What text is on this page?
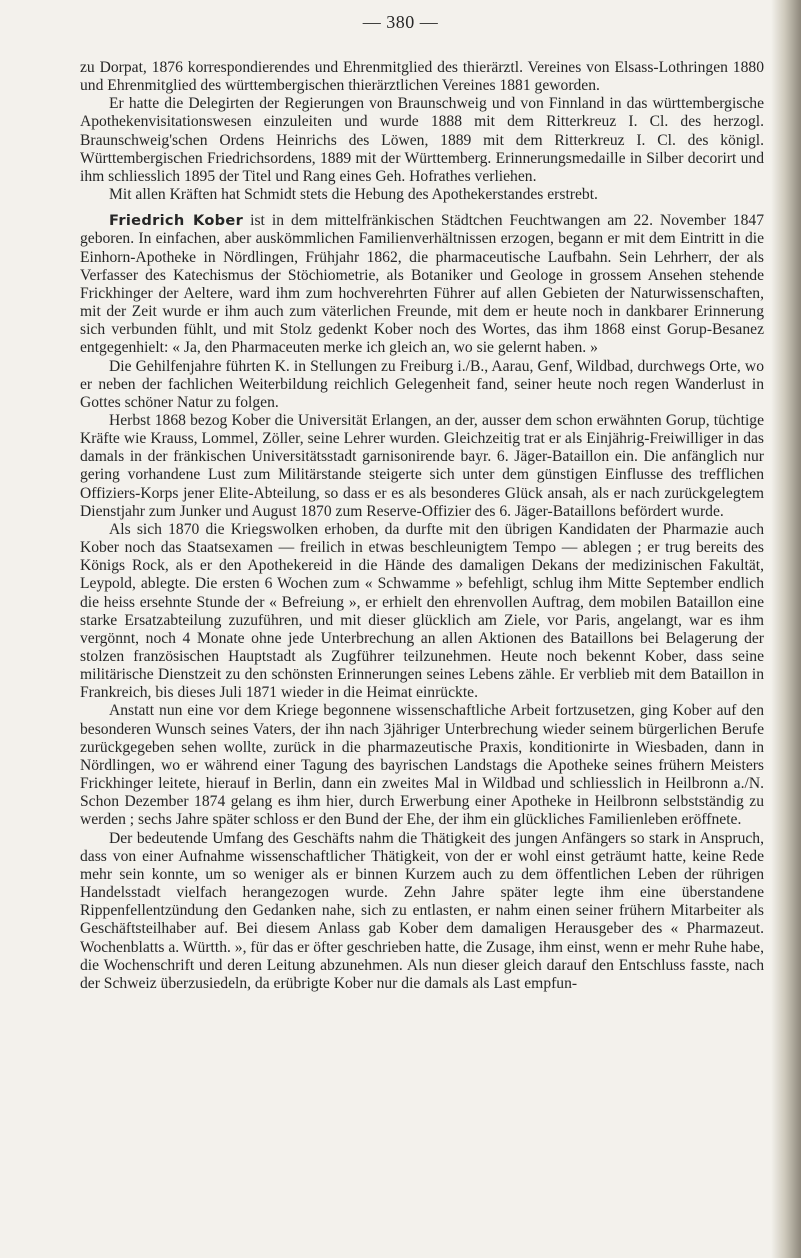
— 380 —

zu Dorpat, 1876 korrespondierendes und Ehrenmitglied des thierärztl. Vereines von Elsass-Lothringen 1880 und Ehrenmitglied des württembergischen thierärztlichen Vereines 1881 geworden.

Er hatte die Delegirten der Regierungen von Braunschweig und von Finnland in das württembergische Apothekenvisitationswesen einzuleiten und wurde 1888 mit dem Ritterkreuz I. Cl. des herzogl. Braunschweig'schen Ordens Heinrichs des Löwen, 1889 mit dem Ritterkreuz I. Cl. des königl. Württembergischen Friedrichsordens, 1889 mit der Württemberg. Erinnerungsmedaille in Silber decorirt und ihm schliesslich 1895 der Titel und Rang eines Geh. Hofrathes verliehen.

Mit allen Kräften hat Schmidt stets die Hebung des Apothekerstandes erstrebt.

Friedrich Kober ist in dem mittelfränkischen Städtchen Feuchtwangen am 22. November 1847 geboren. In einfachen, aber auskömmlichen Familienverhältnissen erzogen, begann er mit dem Eintritt in die Einhorn-Apotheke in Nördlingen, Frühjahr 1862, die pharmaceutische Laufbahn. Sein Lehrherr, der als Verfasser des Katechismus der Stöchiometrie, als Botaniker und Geologe in grossem Ansehen stehende Frickhinger der Aeltere, ward ihm zum hochverehrten Führer auf allen Gebieten der Naturwissenschaften, mit der Zeit wurde er ihm auch zum väterlichen Freunde, mit dem er heute noch in dankbarer Erinnerung sich verbunden fühlt, und mit Stolz gedenkt Kober noch des Wortes, das ihm 1868 einst Gorup-Besanez entgegenhielt: « Ja, den Pharmaceuten merke ich gleich an, wo sie gelernt haben. »

Die Gehilfenjahre führten K. in Stellungen zu Freiburg i./B., Aarau, Genf, Wildbad, durchwegs Orte, wo er neben der fachlichen Weiterbildung reichlich Gelegenheit fand, seiner heute noch regen Wanderlust in Gottes schöner Natur zu folgen.

Herbst 1868 bezog Kober die Universität Erlangen, an der, ausser dem schon erwähnten Gorup, tüchtige Kräfte wie Krauss, Lommel, Zöller, seine Lehrer wurden. Gleichzeitig trat er als Einjährig-Freiwilliger in das damals in der fränkischen Universitätsstadt garnisonirende bayr. 6. Jäger-Bataillon ein. Die anfänglich nur gering vorhandene Lust zum Militärstande steigerte sich unter dem günstigen Einflusse des trefflichen Offiziers-Korps jener Elite-Abteilung, so dass er es als besonderes Glück ansah, als er nach zurückgelegtem Dienstjahr zum Junker und August 1870 zum Reserve-Offizier des 6. Jäger-Bataillons befördert wurde.

Als sich 1870 die Kriegswolken erhoben, da durfte mit den übrigen Kandidaten der Pharmazie auch Kober noch das Staatsexamen — freilich in etwas beschleunigtem Tempo — ablegen ; er trug bereits des Königs Rock, als er den Apothekereid in die Hände des damaligen Dekans der medizinischen Fakultät, Leypold, ablegte. Die ersten 6 Wochen zum « Schwamme » befehligt, schlug ihm Mitte September endlich die heiss ersehnte Stunde der « Befreiung », er erhielt den ehrenvollen Auftrag, dem mobilen Bataillon eine starke Ersatzabteilung zuzuführen, und mit dieser glücklich am Ziele, vor Paris, angelangt, war es ihm vergönnt, noch 4 Monate ohne jede Unterbrechung an allen Aktionen des Bataillons bei Belagerung der stolzen französischen Hauptstadt als Zugführer teilzunehmen. Heute noch bekennt Kober, dass seine militärische Dienstzeit zu den schönsten Erinnerungen seines Lebens zähle. Er verblieb mit dem Bataillon in Frankreich, bis dieses Juli 1871 wieder in die Heimat einrückte.

Anstatt nun eine vor dem Kriege begonnene wissenschaftliche Arbeit fortzusetzen, ging Kober auf den besonderen Wunsch seines Vaters, der ihn nach 3jähriger Unterbrechung wieder seinem bürgerlichen Berufe zurückgegeben sehen wollte, zurück in die pharmazeutische Praxis, konditionirte in Wiesbaden, dann in Nördlingen, wo er während einer Tagung des bayrischen Landstags die Apotheke seines frühern Meisters Frickhinger leitete, hierauf in Berlin, dann ein zweites Mal in Wildbad und schliesslich in Heilbronn a./N. Schon Dezember 1874 gelang es ihm hier, durch Erwerbung einer Apotheke in Heilbronn selbstständig zu werden ; sechs Jahre später schloss er den Bund der Ehe, der ihm ein glückliches Familienleben eröffnete.

Der bedeutende Umfang des Geschäfts nahm die Thätigkeit des jungen Anfängers so stark in Anspruch, dass von einer Aufnahme wissenschaftlicher Thätigkeit, von der er wohl einst geträumt hatte, keine Rede mehr sein konnte, um so weniger als er binnen Kurzem auch zu dem öffentlichen Leben der rührigen Handelsstadt vielfach herangezogen wurde. Zehn Jahre später legte ihm eine überstandene Rippenfellentzündung den Gedanken nahe, sich zu entlasten, er nahm einen seiner frühern Mitarbeiter als Geschäftsteilhaber auf. Bei diesem Anlass gab Kober dem damaligen Herausgeber des « Pharmazeut. Wochenblatts a. Württh. », für das er öfter geschrieben hatte, die Zusage, ihm einst, wenn er mehr Ruhe habe, die Wochenschrift und deren Leitung abzunehmen. Als nun dieser gleich darauf den Entschluss fasste, nach der Schweiz überzusiedeln, da erübrigte Kober nur die damals als Last empfun-
